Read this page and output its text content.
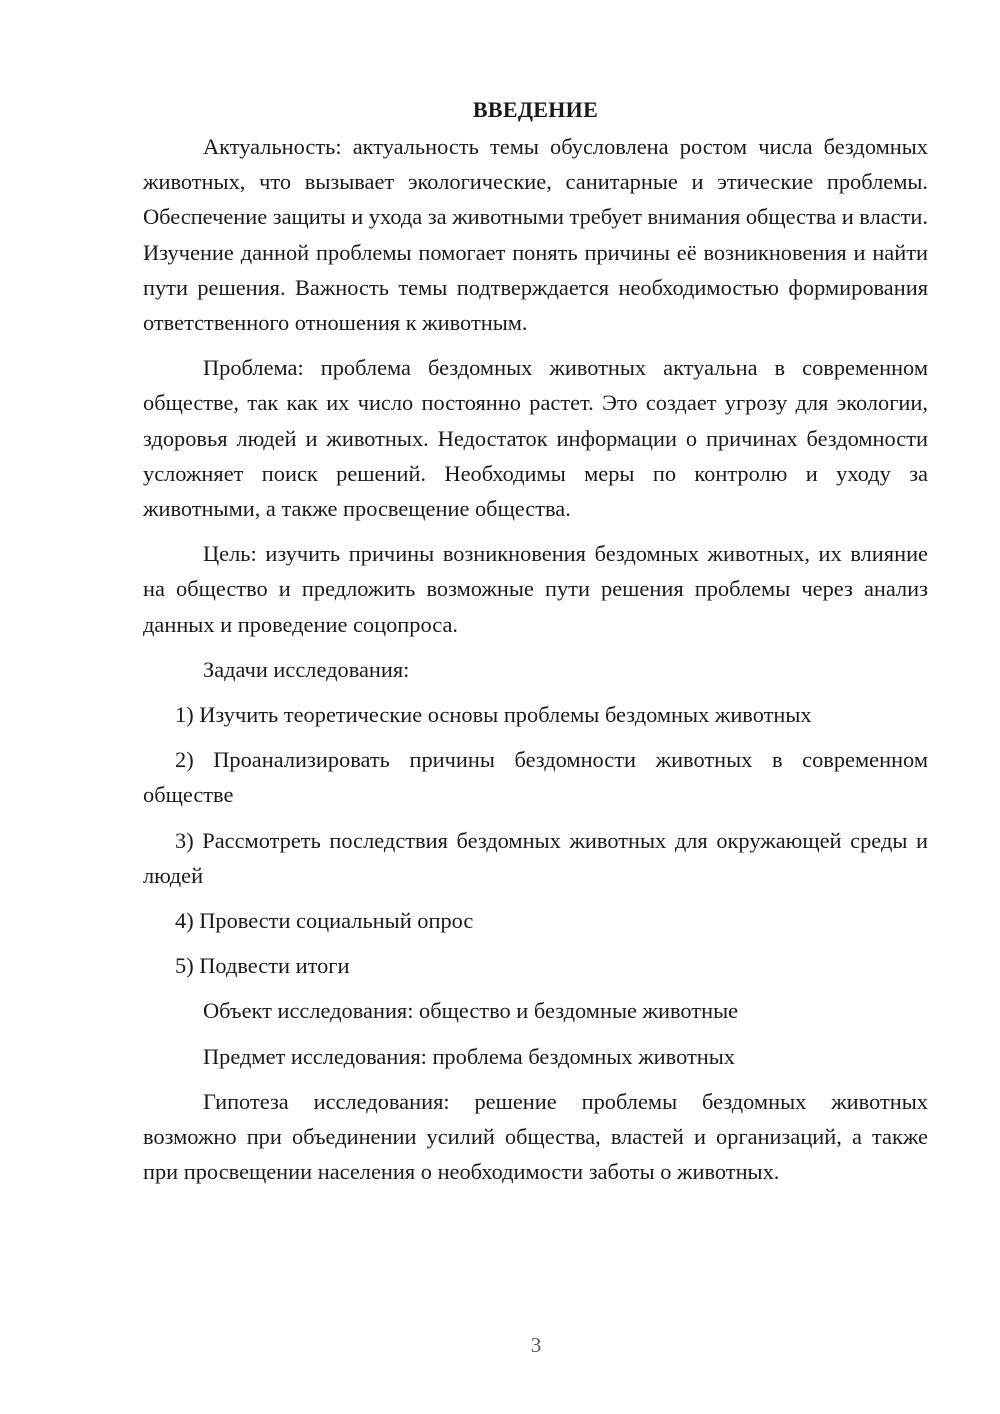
ВВЕДЕНИЕ
Актуальность: актуальность темы обусловлена ростом числа бездомных животных, что вызывает экологические, санитарные и этические проблемы. Обеспечение защиты и ухода за животными требует внимания общества и власти. Изучение данной проблемы помогает понять причины её возникновения и найти пути решения. Важность темы подтверждается необходимостью формирования ответственного отношения к животным.
Проблема: проблема бездомных животных актуальна в современном обществе, так как их число постоянно растет. Это создает угрозу для экологии, здоровья людей и животных. Недостаток информации о причинах бездомности усложняет поиск решений. Необходимы меры по контролю и уходу за животными, а также просвещение общества.
Цель: изучить причины возникновения бездомных животных, их влияние на общество и предложить возможные пути решения проблемы через анализ данных и проведение соцопроса.
Задачи исследования:
1) Изучить теоретические основы проблемы бездомных животных
2) Проанализировать причины бездомности животных в современном обществе
3) Рассмотреть последствия бездомных животных для окружающей среды и людей
4) Провести социальный опрос
5) Подвести итоги
Объект исследования: общество и бездомные животные
Предмет исследования: проблема бездомных животных
Гипотеза исследования: решение проблемы бездомных животных возможно при объединении усилий общества, властей и организаций, а также при просвещении населения о необходимости заботы о животных.
3
